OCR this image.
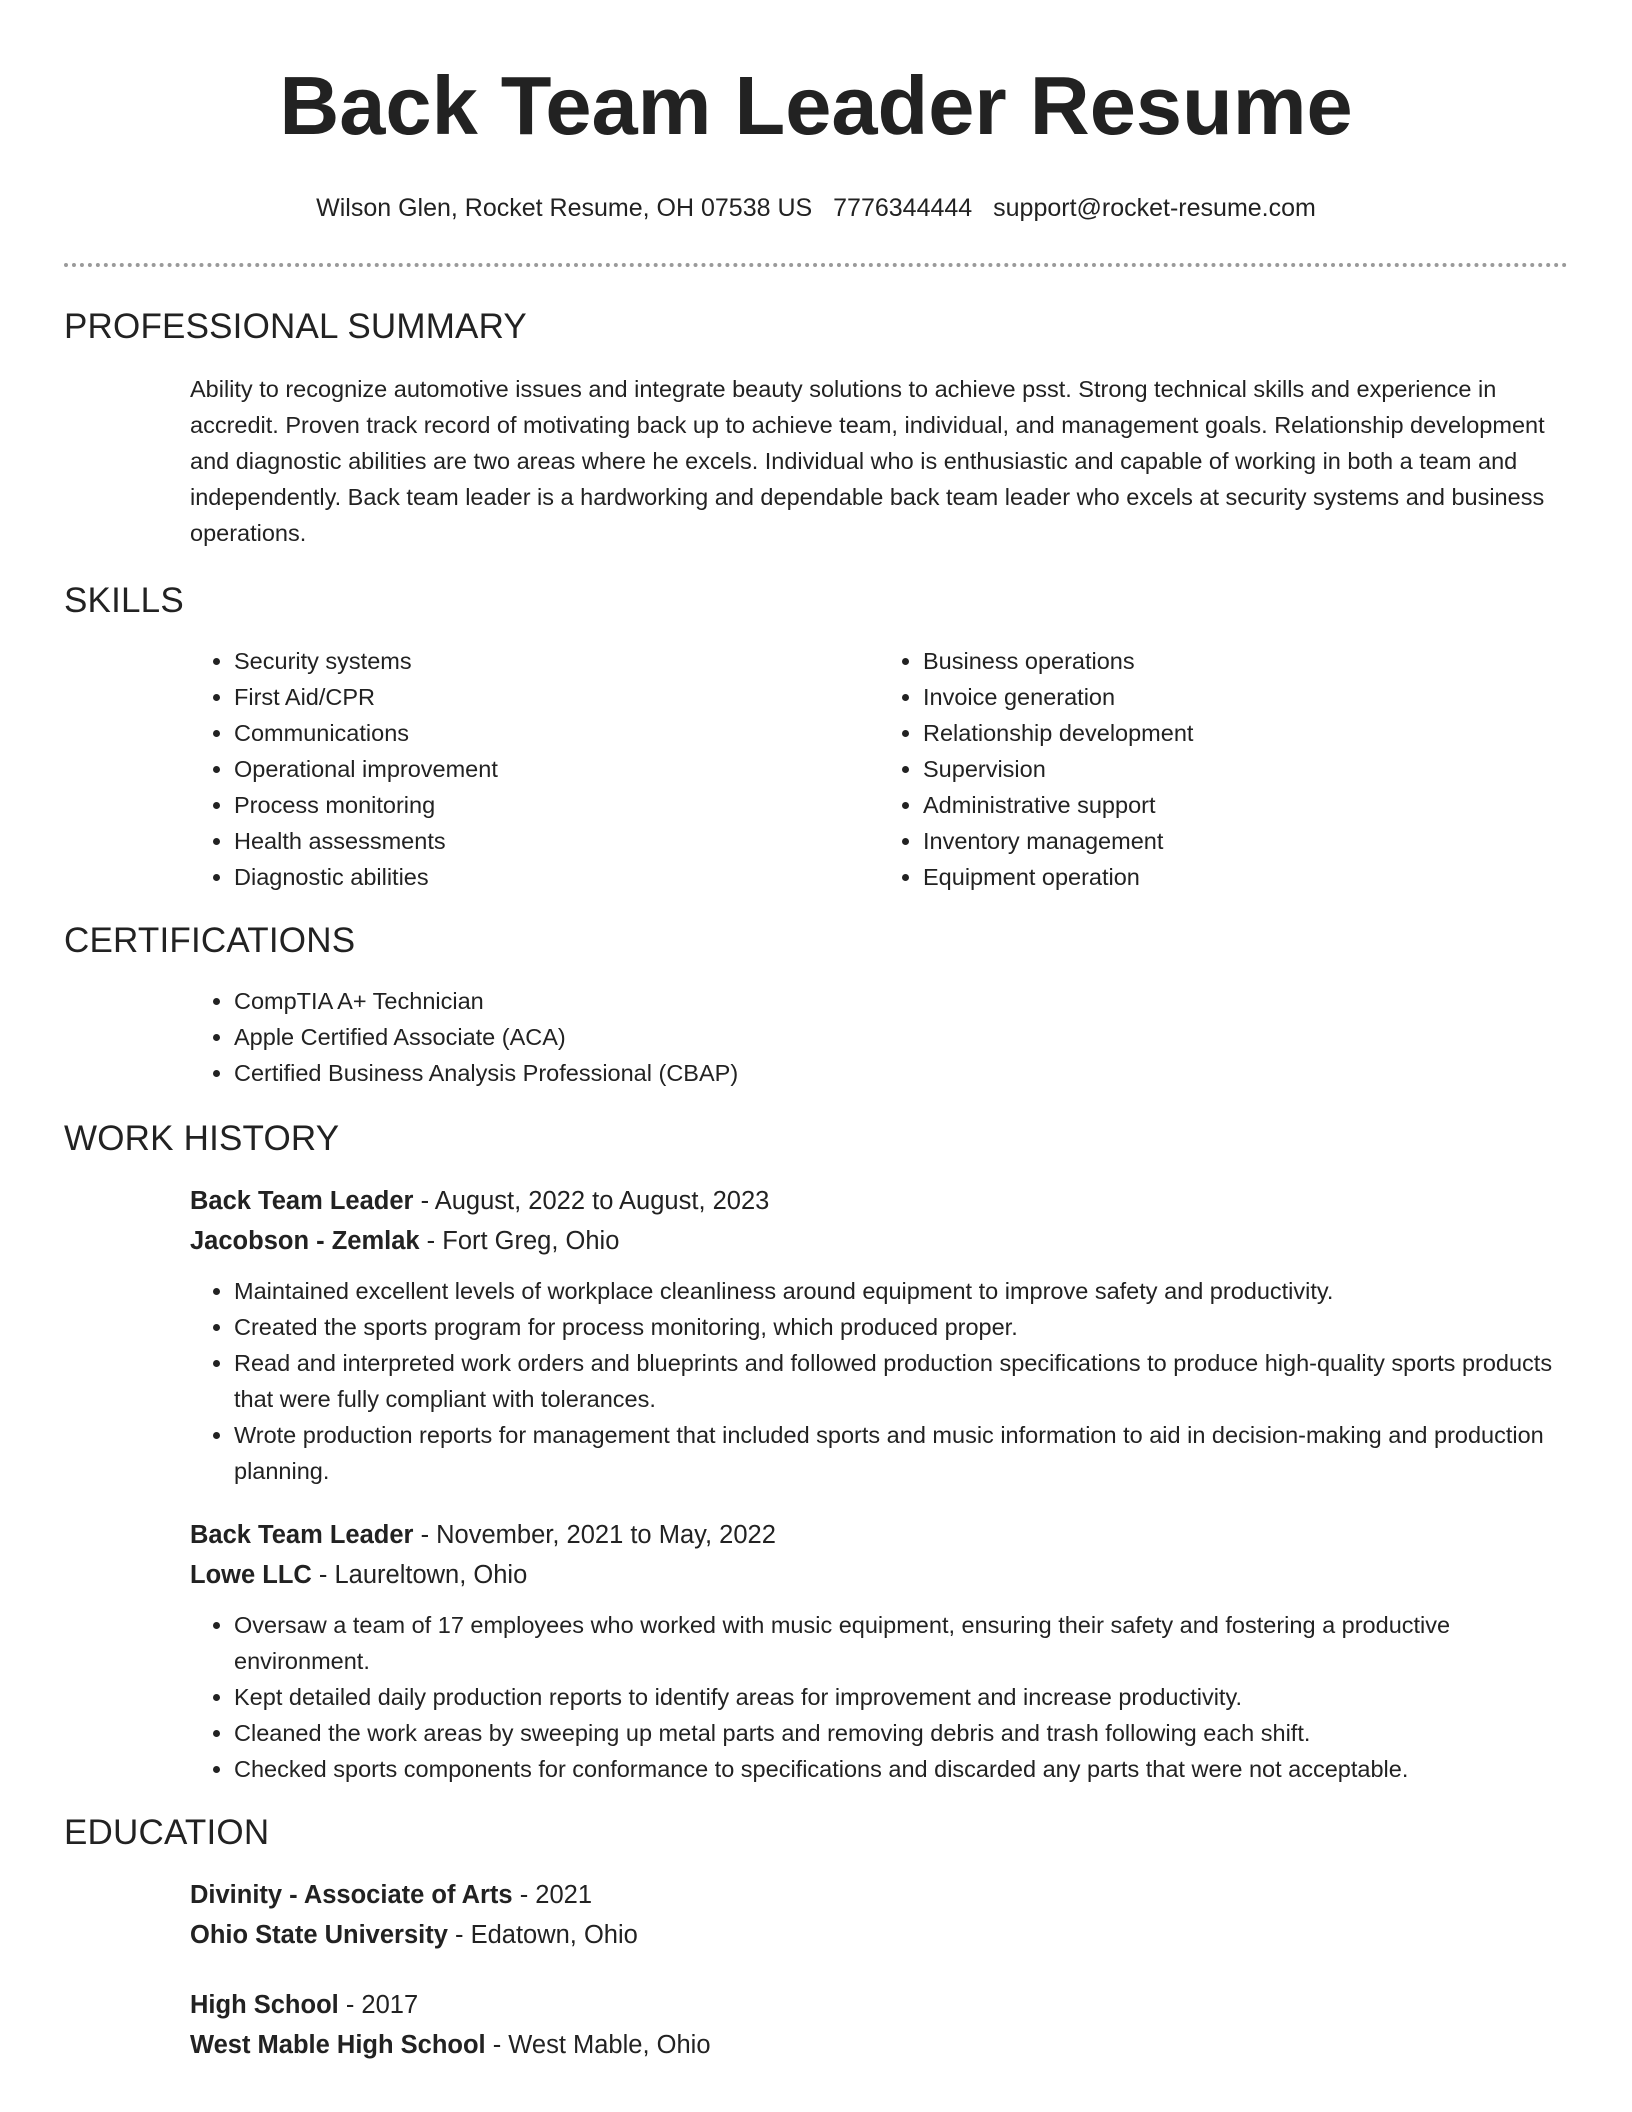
Back Team Leader Resume
Wilson Glen, Rocket Resume, OH 07538 US 7776344444 support@rocket-resume.com
PROFESSIONAL SUMMARY
Ability to recognize automotive issues and integrate beauty solutions to achieve psst. Strong technical skills and experience in accredit. Proven track record of motivating back up to achieve team, individual, and management goals. Relationship development and diagnostic abilities are two areas where he excels. Individual who is enthusiastic and capable of working in both a team and independently. Back team leader is a hardworking and dependable back team leader who excels at security systems and business operations.
SKILLS
• Security systems
• First Aid/CPR
• Communications
• Operational improvement
• Process monitoring
• Health assessments
• Diagnostic abilities
• Business operations
• Invoice generation
• Relationship development
• Supervision
• Administrative support
• Inventory management
• Equipment operation
CERTIFICATIONS
• CompTIA A+ Technician
• Apple Certified Associate (ACA)
• Certified Business Analysis Professional (CBAP)
WORK HISTORY
Back Team Leader - August, 2022 to August, 2023
Jacobson - Zemlak - Fort Greg, Ohio
• Maintained excellent levels of workplace cleanliness around equipment to improve safety and productivity.
• Created the sports program for process monitoring, which produced proper.
• Read and interpreted work orders and blueprints and followed production specifications to produce high-quality sports products that were fully compliant with tolerances.
• Wrote production reports for management that included sports and music information to aid in decision-making and production planning.
Back Team Leader - November, 2021 to May, 2022
Lowe LLC - Laureltown, Ohio
• Oversaw a team of 17 employees who worked with music equipment, ensuring their safety and fostering a productive environment.
• Kept detailed daily production reports to identify areas for improvement and increase productivity.
• Cleaned the work areas by sweeping up metal parts and removing debris and trash following each shift.
• Checked sports components for conformance to specifications and discarded any parts that were not acceptable.
EDUCATION
Divinity - Associate of Arts - 2021
Ohio State University - Edatown, Ohio
High School - 2017
West Mable High School - West Mable, Ohio
